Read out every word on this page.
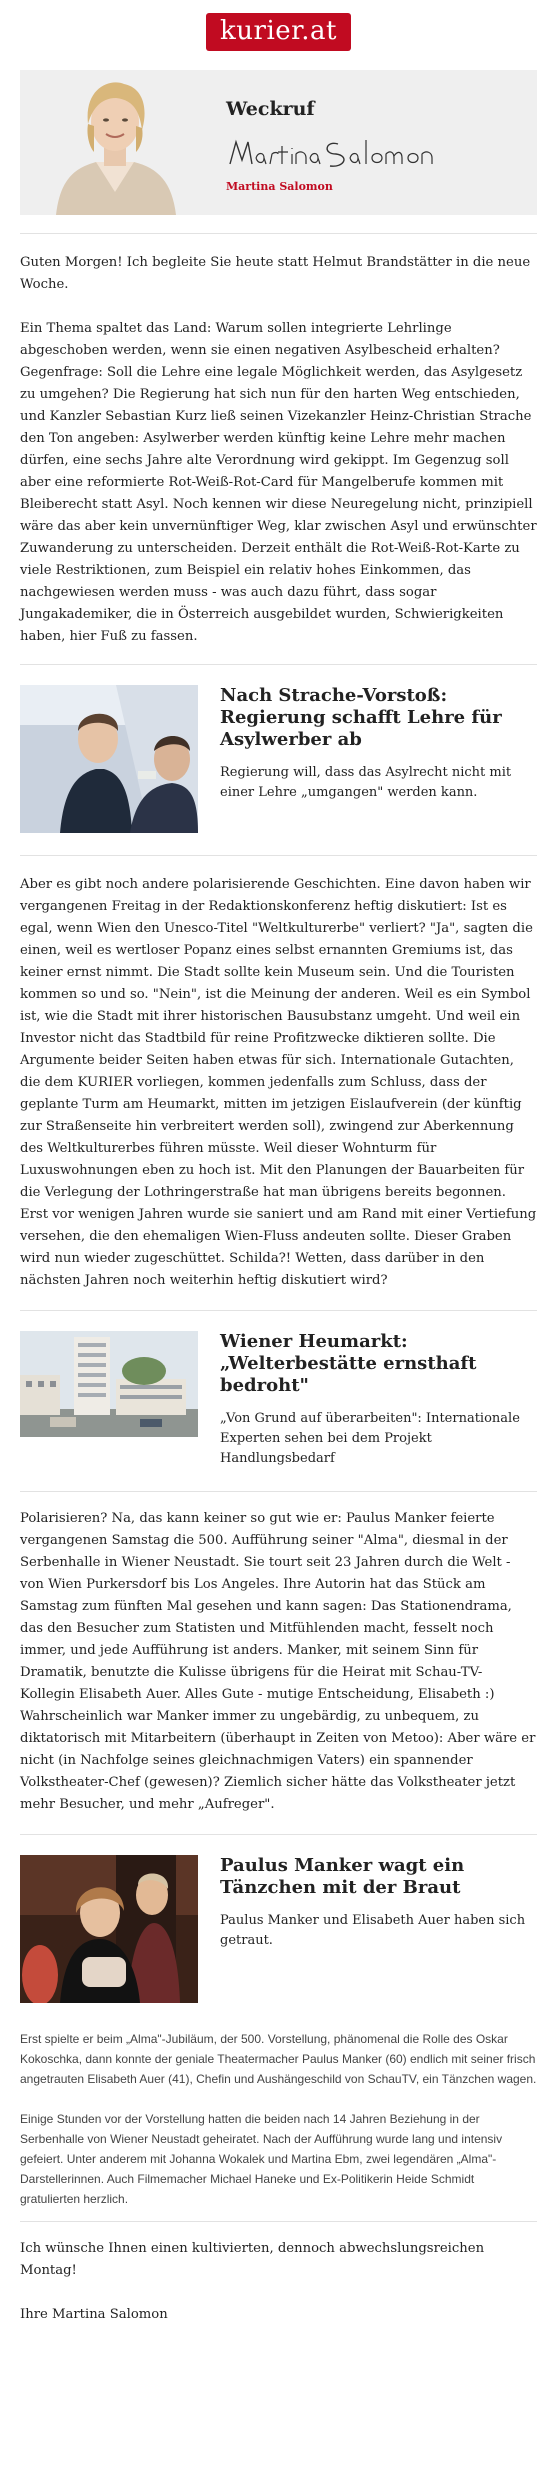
kurier.at
Weckruf
Martina Salomon

Guten Morgen! Ich begleite Sie heute statt Helmut Brandstätter in die neue Woche.

Ein Thema spaltet das Land: Warum sollen integrierte Lehrlinge abgeschoben werden, wenn sie einen negativen Asylbescheid erhalten? Gegenfrage: Soll die Lehre eine legale Möglichkeit werden, das Asylgesetz zu umgehen? Die Regierung hat sich nun für den harten Weg entschieden, und Kanzler Sebastian Kurz ließ seinen Vizekanzler Heinz-Christian Strache den Ton angeben: Asylwerber werden künftig keine Lehre mehr machen dürfen, eine sechs Jahre alte Verordnung wird gekippt. Im Gegenzug soll aber eine reformierte Rot-Weiß-Rot-Card für Mangelberufe kommen mit Bleiberecht statt Asyl. Noch kennen wir diese Neuregelung nicht, prinzipiell wäre das aber kein unvernünftiger Weg, klar zwischen Asyl und erwünschter Zuwanderung zu unterscheiden. Derzeit enthält die Rot-Weiß-Rot-Karte zu viele Restriktionen, zum Beispiel ein relativ hohes Einkommen, das nachgewiesen werden muss - was auch dazu führt, dass sogar Jungakademiker, die in Österreich ausgebildet wurden, Schwierigkeiten haben, hier Fuß zu fassen.

Nach Strache-Vorstoß: Regierung schafft Lehre für Asylwerber ab
Regierung will, dass das Asylrecht nicht mit einer Lehre „umgangen" werden kann.

Aber es gibt noch andere polarisierende Geschichten. Eine davon haben wir vergangenen Freitag in der Redaktionskonferenz heftig diskutiert: Ist es egal, wenn Wien den Unesco-Titel "Weltkulturerbe" verliert? "Ja", sagten die einen, weil es wertloser Popanz eines selbst ernannten Gremiums ist, das keiner ernst nimmt. Die Stadt sollte kein Museum sein. Und die Touristen kommen so und so. "Nein", ist die Meinung der anderen. Weil es ein Symbol ist, wie die Stadt mit ihrer historischen Bausubstanz umgeht. Und weil ein Investor nicht das Stadtbild für reine Profitzwecke diktieren sollte. Die Argumente beider Seiten haben etwas für sich. Internationale Gutachten, die dem KURIER vorliegen, kommen jedenfalls zum Schluss, dass der geplante Turm am Heumarkt, mitten im jetzigen Eislaufverein (der künftig zur Straßenseite hin verbreitert werden soll), zwingend zur Aberkennung des Weltkulturerbes führen müsste. Weil dieser Wohnturm für Luxuswohnungen eben zu hoch ist. Mit den Planungen der Bauarbeiten für die Verlegung der Lothringerstraße hat man übrigens bereits begonnen. Erst vor wenigen Jahren wurde sie saniert und am Rand mit einer Vertiefung versehen, die den ehemaligen Wien-Fluss andeuten sollte. Dieser Graben wird nun wieder zugeschüttet. Schilda?! Wetten, dass darüber in den nächsten Jahren noch weiterhin heftig diskutiert wird?

Wiener Heumarkt: „Welterbestätte ernsthaft bedroht"
„Von Grund auf überarbeiten": Internationale Experten sehen bei dem Projekt Handlungsbedarf

Polarisieren? Na, das kann keiner so gut wie er: Paulus Manker feierte vergangenen Samstag die 500. Aufführung seiner "Alma", diesmal in der Serbenhalle in Wiener Neustadt. Sie tourt seit 23 Jahren durch die Welt - von Wien Purkersdorf bis Los Angeles. Ihre Autorin hat das Stück am Samstag zum fünften Mal gesehen und kann sagen: Das Stationendrama, das den Besucher zum Statisten und Mitfühlenden macht, fesselt noch immer, und jede Aufführung ist anders. Manker, mit seinem Sinn für Dramatik, benutzte die Kulisse übrigens für die Heirat mit Schau-TV-Kollegin Elisabeth Auer. Alles Gute - mutige Entscheidung, Elisabeth :) Wahrscheinlich war Manker immer zu ungebärdig, zu unbequem, zu diktatorisch mit Mitarbeitern (überhaupt in Zeiten von Metoo): Aber wäre er nicht (in Nachfolge seines gleichnachmigen Vaters) ein spannender Volkstheater-Chef (gewesen)? Ziemlich sicher hätte das Volkstheater jetzt mehr Besucher, und mehr „Aufreger".

Paulus Manker wagt ein Tänzchen mit der Braut
Paulus Manker und Elisabeth Auer haben sich getraut.

Erst spielte er beim „Alma"-Jubiläum, der 500. Vorstellung, phänomenal die Rolle des Oskar Kokoschka, dann konnte der geniale Theatermacher Paulus Manker (60) endlich mit seiner frisch angetrauten Elisabeth Auer (41), Chefin und Aushängeschild von SchauTV, ein Tänzchen wagen.

Einige Stunden vor der Vorstellung hatten die beiden nach 14 Jahren Beziehung in der Serbenhalle von Wiener Neustadt geheiratet. Nach der Aufführung wurde lang und intensiv gefeiert. Unter anderem mit Johanna Wokalek und Martina Ebm, zwei legendären „Alma"-Darstellerinnen. Auch Filmemacher Michael Haneke und Ex-Politikerin Heide Schmidt gratulierten herzlich.

Ich wünsche Ihnen einen kultivierten, dennoch abwechslungsreichen Montag!

Ihre Martina Salomon
